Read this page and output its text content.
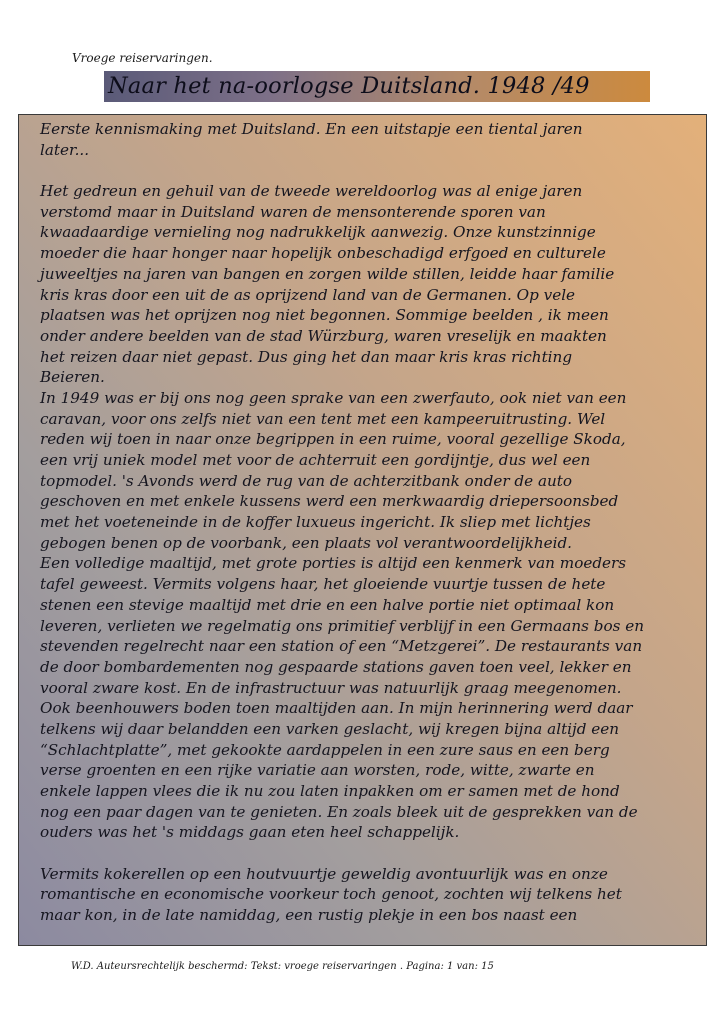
Vroege reiservaringen.
Naar het na-oorlogse Duitsland. 1948 /49
Eerste kennismaking met Duitsland. En een uitstapje een tiental jaren
later...
Het gedreun en gehuil van de tweede wereldoorlog was al enige jaren
verstomd maar in Duitsland waren de mensonterende sporen van
kwaadaardige vernieling nog nadrukkelijk aanwezig. Onze kunstzinnige
moeder die haar honger naar hopelijk onbeschadigd erfgoed en culturele
juweeltjes na jaren van bangen en zorgen wilde stillen, leidde haar familie
kris kras door een uit de as oprijzend land van de Germanen. Op vele
plaatsen was het oprijzen nog niet begonnen. Sommige beelden , ik meen
onder andere beelden van de stad Würzburg, waren vreselijk en maakten
het reizen daar niet gepast. Dus ging het dan maar kris kras richting
Beieren.
In 1949 was er bij ons nog geen sprake van een zwerfauto, ook niet van een
caravan, voor ons zelfs niet van een tent met een kampeeruitrusting. Wel
reden wij toen in naar onze begrippen in een ruime, vooral gezellige Skoda,
een vrij uniek model met voor de achterruit een gordijntje, dus wel een
topmodel. 's Avonds werd de rug van de achterzitbank onder de auto
geschoven en met enkele kussens werd een merkwaardig driepersoonsbed
met het voeteneinde in de koffer luxueus ingericht. Ik sliep met lichtjes
gebogen benen op de voorbank, een plaats vol verantwoordelijkheid.
Een volledige maaltijd, met grote porties is altijd een kenmerk van moeders
tafel geweest. Vermits volgens haar, het gloeiende vuurtje tussen de hete
stenen een stevige maaltijd met drie en een halve portie niet optimaal kon
leveren, verlieten we regelmatig ons primitief verblijf in een Germaans bos en
stevenden regelrecht naar een station of een “Metzgerei”. De restaurants van
de door bombardementen nog gespaarde stations gaven toen veel, lekker en
vooral zware kost. En de infrastructuur was natuurlijk graag meegenomen.
Ook beenhouwers boden toen maaltijden aan. In mijn herinnering werd daar
telkens wij daar belandden een varken geslacht, wij kregen bijna altijd een
“Schlachtplatte”, met gekookte aardappelen in een zure saus en een berg
verse groenten en een rijke variatie aan worsten, rode, witte, zwarte en
enkele lappen vlees die ik nu zou laten inpakken om er samen met de hond
nog een paar dagen van te genieten. En zoals bleek uit de gesprekken van de
ouders was het 's middags gaan eten heel schappelijk.
Vermits kokerellen op een houtvuurtje geweldig avontuurlijk was en onze
romantische en economische voorkeur toch genoot, zochten wij telkens het
maar kon, in de late namiddag, een rustig plekje in een bos naast een
W.D. Auteursrechtelijk beschermd: Tekst: vroege reiservaringen . Pagina: 1 van: 15
